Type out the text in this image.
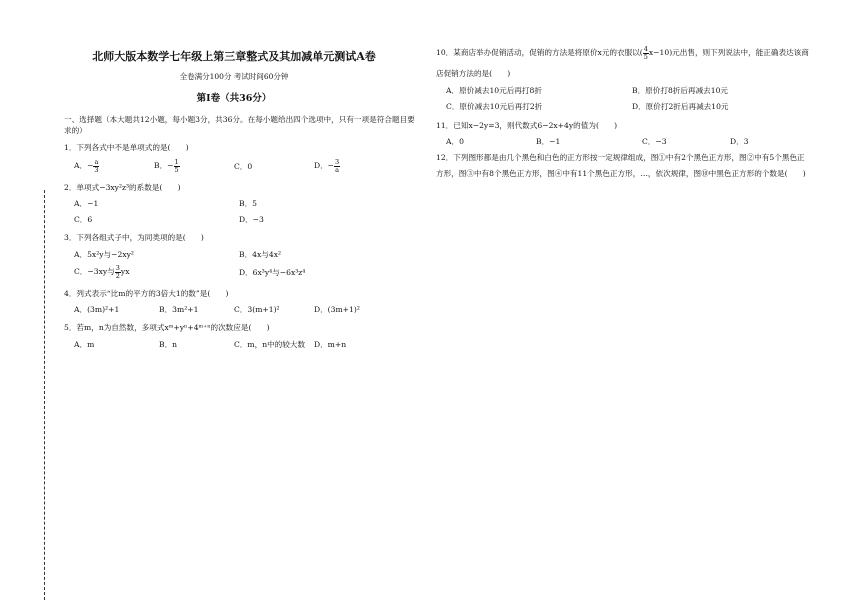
北师大版本数学七年级上第三章整式及其加减单元测试A卷
全卷满分100分 考试时间60分钟
第Ⅰ卷（共36分）
一、选择题（本大题共12小题，每小题3分，共36分。在每小题给出四个选项中，只有一项是符合题目要
求的）
1．下列各式中不是单项式的是(　　)
A．− $\frac{a}{3}$	B．− $\frac{1}{5}$	C．0	D．− $\frac{3}{a}$
2．单项式−3xy²z³的系数是(　　)
A．−1	B．5
C．6	D．−3
3．下列各组式子中，为同类项的是(　　)
A．5x²y与−2xy²	B．4x与4x²
C．−3xy与 $\frac{3}{2}$ yx	D．6x³y⁴与−6x³z⁴
4．列式表示“比m的平方的3倍大1的数”是(　　)
A．(3m)²+1	B．3m²+1	C．3(m+1)²	D．(3m+1)²
5．若m，n为自然数，多项式xᵐ+yⁿ+4ᵐ⁺ⁿ的次数应是(　　)
A．m	B．n	C．m，n中的较大数 D．m+n
10．某商店举办促销活动，促销的方法是将原价x元的衣服以( $\frac{4}{5} x-10$)元出售，则下列说法中，能正确表达该商
店促销方法的是(　　)
A．原价减去10元后再打8折	B．原价打8折后再减去10元
C．原价减去10元后再打2折	D．原价打2折后再减去10元
11．已知x−2y=3，则代数式6−2x+4y的值为(　　)
A．0	B．−1	C．−3	D．3
12．下列图形都是由几个黑色和白色的正方形按一定规律组成，图①中有2个黑色正方形，图②中有5个黑色正
方形，图③中有8个黑色正方形，图④中有11个黑色正方形，…，依次规律，图⑩中黑色正方形的个数是(　　)
